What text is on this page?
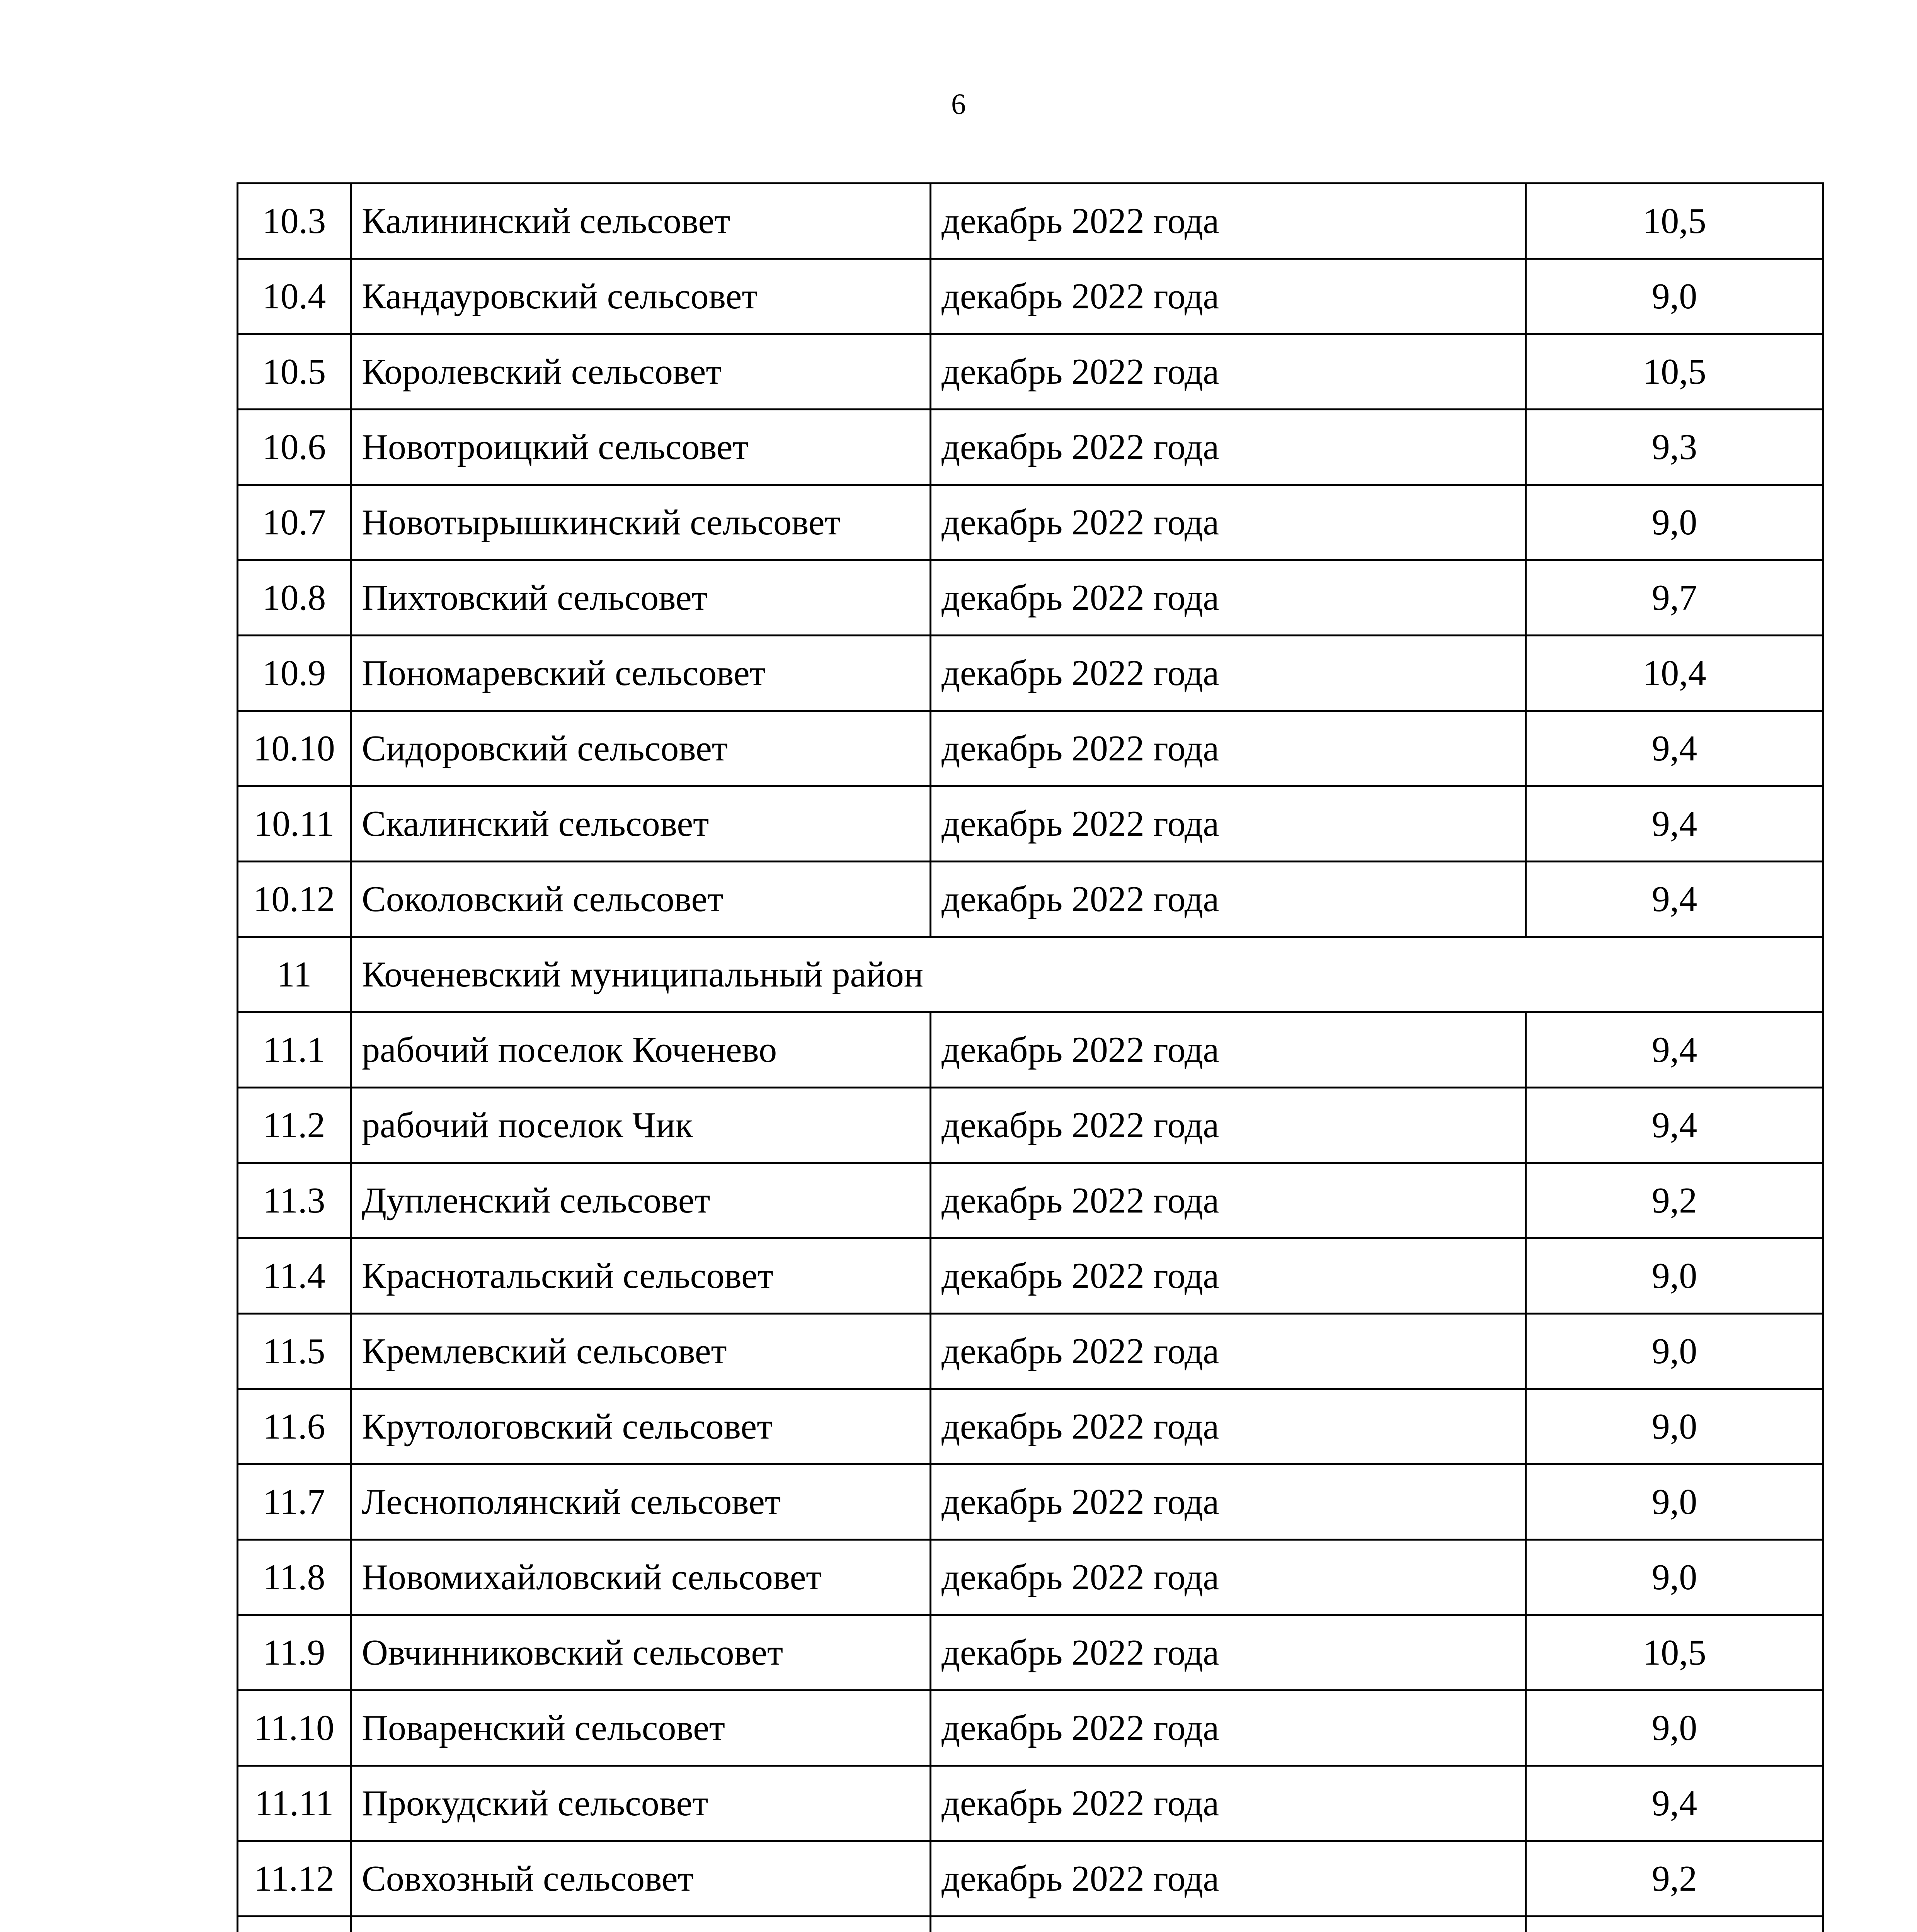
6
10.3	Калининский сельсовет	декабрь 2022 года	10,5
10.4	Кандауровский сельсовет	декабрь 2022 года	9,0
10.5	Королевский сельсовет	декабрь 2022 года	10,5
10.6	Новотроицкий сельсовет	декабрь 2022 года	9,3
10.7	Новотырышкинский сельсовет	декабрь 2022 года	9,0
10.8	Пихтовский сельсовет	декабрь 2022 года	9,7
10.9	Пономаревский сельсовет	декабрь 2022 года	10,4
10.10	Сидоровский сельсовет	декабрь 2022 года	9,4
10.11	Скалинский сельсовет	декабрь 2022 года	9,4
10.12	Соколовский сельсовет	декабрь 2022 года	9,4
11	Коченевский муниципальный район		
11.1	рабочий поселок Коченево	декабрь 2022 года	9,4
11.2	рабочий поселок Чик	декабрь 2022 года	9,4
11.3	Дупленский сельсовет	декабрь 2022 года	9,2
11.4	Краснотальский сельсовет	декабрь 2022 года	9,0
11.5	Кремлевский сельсовет	декабрь 2022 года	9,0
11.6	Крутологовский сельсовет	декабрь 2022 года	9,0
11.7	Леснополянский сельсовет	декабрь 2022 года	9,0
11.8	Новомихайловский сельсовет	декабрь 2022 года	9,0
11.9	Овчинниковский сельсовет	декабрь 2022 года	10,5
11.10	Поваренский сельсовет	декабрь 2022 года	9,0
11.11	Прокудский сельсовет	декабрь 2022 года	9,4
11.12	Совхозный сельсовет	декабрь 2022 года	9,2
